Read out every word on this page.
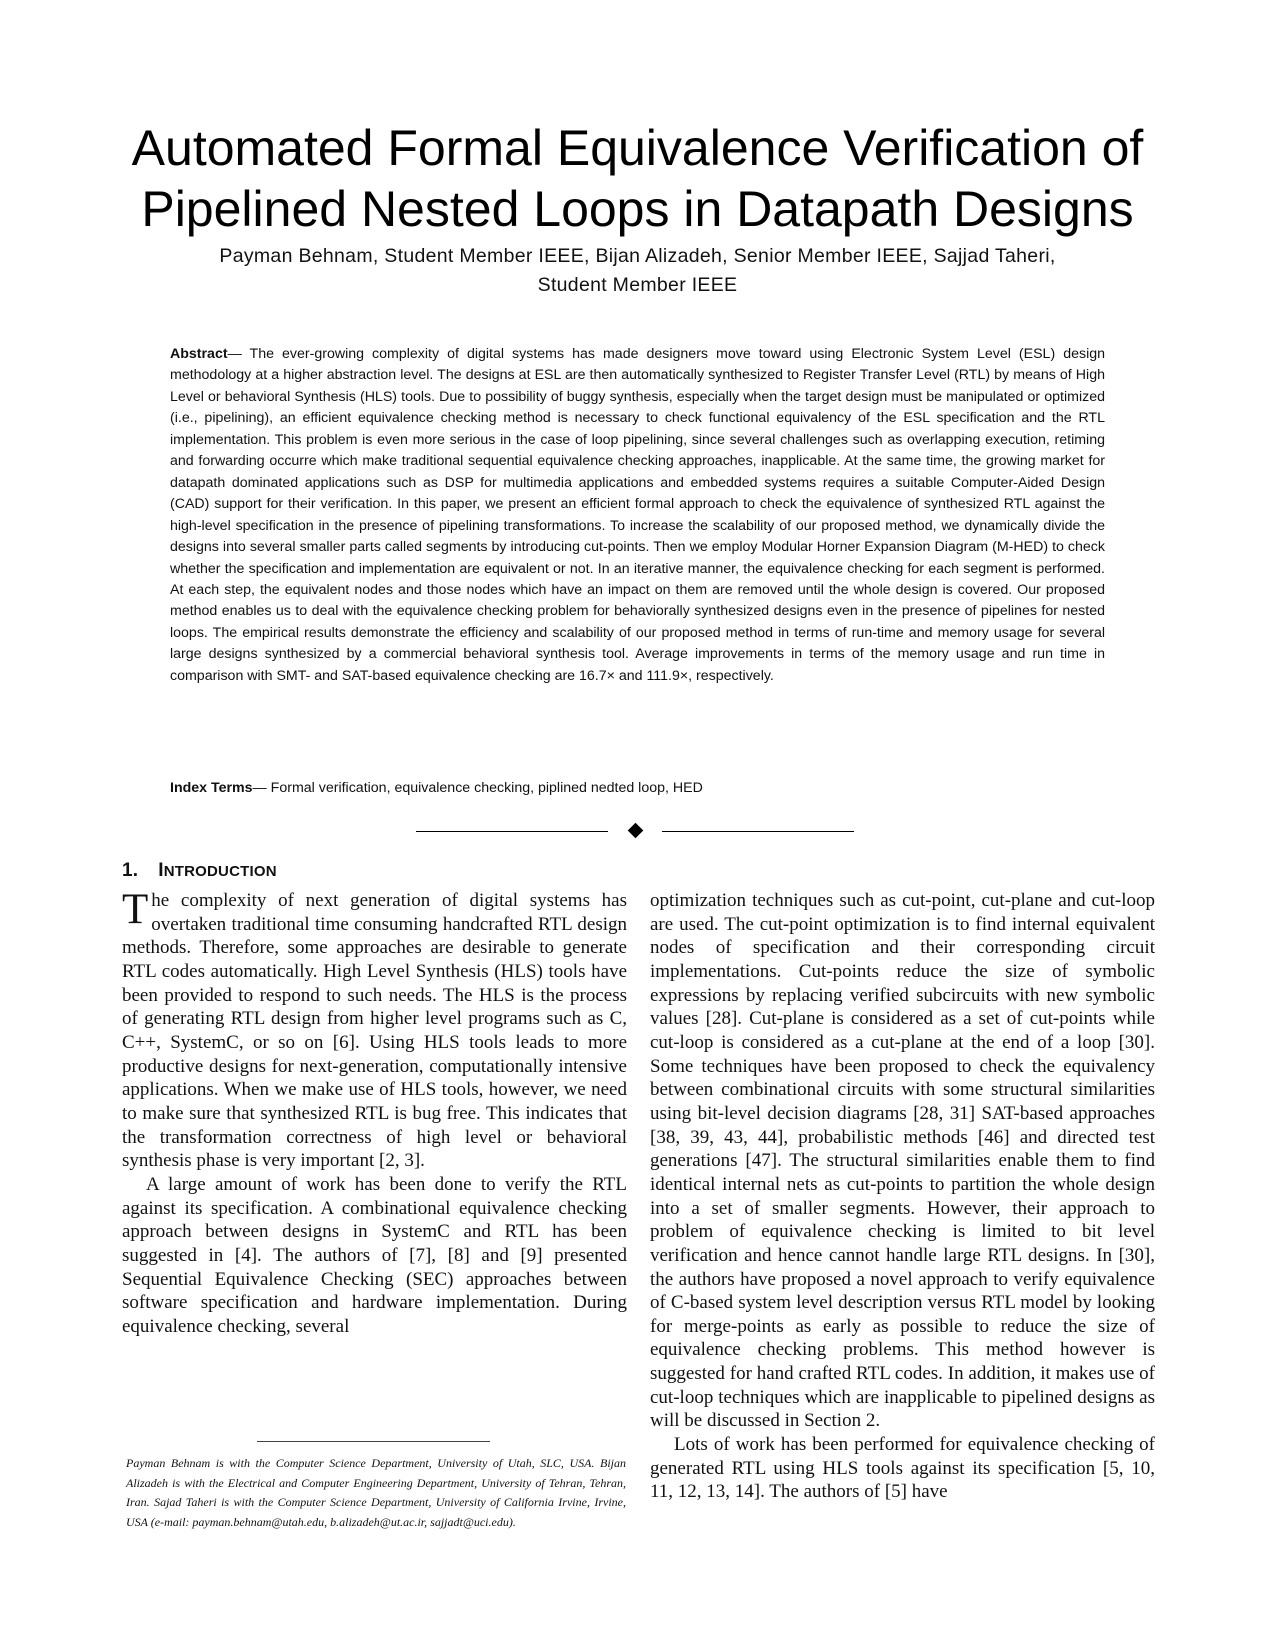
Automated Formal Equivalence Verification of
Pipelined Nested Loops in Datapath Designs
Payman Behnam, Student Member IEEE, Bijan Alizadeh, Senior Member IEEE, Sajjad Taheri,
Student Member IEEE

Abstract— The ever-growing complexity of digital systems has made designers move toward using Electronic System Level (ESL) design methodology at a higher abstraction level. The designs at ESL are then automatically synthesized to Register Transfer Level (RTL) by means of High Level or behavioral Synthesis (HLS) tools. Due to possibility of buggy synthesis, especially when the target design must be manipulated or optimized (i.e., pipelining), an efficient equivalence checking method is necessary to check functional equivalency of the ESL specification and the RTL implementation. This problem is even more serious in the case of loop pipelining, since several challenges such as overlapping execution, retiming and forwarding occurre which make traditional sequential equivalence checking approaches, inapplicable. At the same time, the growing market for datapath dominated applications such as DSP for multimedia applications and embedded systems requires a suitable Computer-Aided Design (CAD) support for their verification. In this paper, we present an efficient formal approach to check the equivalence of synthesized RTL against the high-level specification in the presence of pipelining transformations. To increase the scalability of our proposed method, we dynamically divide the designs into several smaller parts called segments by introducing cut-points. Then we employ Modular Horner Expansion Diagram (M-HED) to check whether the specification and implementation are equivalent or not. In an iterative manner, the equivalence checking for each segment is performed. At each step, the equivalent nodes and those nodes which have an impact on them are removed until the whole design is covered. Our proposed method enables us to deal with the equivalence checking problem for behaviorally synthesized designs even in the presence of pipelines for nested loops. The empirical results demonstrate the efficiency and scalability of our proposed method in terms of run-time and memory usage for several large designs synthesized by a commercial behavioral synthesis tool. Average improvements in terms of the memory usage and run time in comparison with SMT- and SAT-based equivalence checking are 16.7× and 111.9×, respectively.

Index Terms— Formal verification, equivalence checking, piplined nedted loop, HED

1. INTRODUCTION

The complexity of next generation of digital systems has overtaken traditional time consuming handcrafted RTL design methods. Therefore, some approaches are desirable to generate RTL codes automatically. High Level Synthesis (HLS) tools have been provided to respond to such needs. The HLS is the process of generating RTL design from higher level programs such as C, C++, SystemC, or so on [6]. Using HLS tools leads to more productive designs for next-generation, computationally intensive applications. When we make use of HLS tools, however, we need to make sure that synthesized RTL is bug free. This indicates that the transformation correctness of high level or behavioral synthesis phase is very important [2, 3].

A large amount of work has been done to verify the RTL against its specification. A combinational equivalence checking approach between designs in SystemC and RTL has been suggested in [4]. The authors of [7], [8] and [9] presented Sequential Equivalence Checking (SEC) approaches between software specification and hardware implementation. During equivalence checking, several

optimization techniques such as cut-point, cut-plane and cut-loop are used. The cut-point optimization is to find internal equivalent nodes of specification and their corresponding circuit implementations. Cut-points reduce the size of symbolic expressions by replacing verified subcircuits with new symbolic values [28]. Cut-plane is considered as a set of cut-points while cut-loop is considered as a cut-plane at the end of a loop [30]. Some techniques have been proposed to check the equivalency between combinational circuits with some structural similarities using bit-level decision diagrams [28, 31] SAT-based approaches [38, 39, 43, 44], probabilistic methods [46] and directed test generations [47]. The structural similarities enable them to find identical internal nets as cut-points to partition the whole design into a set of smaller segments. However, their approach to problem of equivalence checking is limited to bit level verification and hence cannot handle large RTL designs. In [30], the authors have proposed a novel approach to verify equivalence of C-based system level description versus RTL model by looking for merge-points as early as possible to reduce the size of equivalence checking problems. This method however is suggested for hand crafted RTL codes. In addition, it makes use of cut-loop techniques which are inapplicable to pipelined designs as will be discussed in Section 2.

Lots of work has been performed for equivalence checking of generated RTL using HLS tools against its specification [5, 10, 11, 12, 13, 14]. The authors of [5] have

Payman Behnam is with the Computer Science Department, University of Utah, SLC, USA. Bijan Alizadeh is with the Electrical and Computer Engineering Department, University of Tehran, Tehran, Iran. Sajad Taheri is with the Computer Science Department, University of California Irvine, Irvine, USA (e-mail: payman.behnam@utah.edu, b.alizadeh@ut.ac.ir, sajjadt@uci.edu).
